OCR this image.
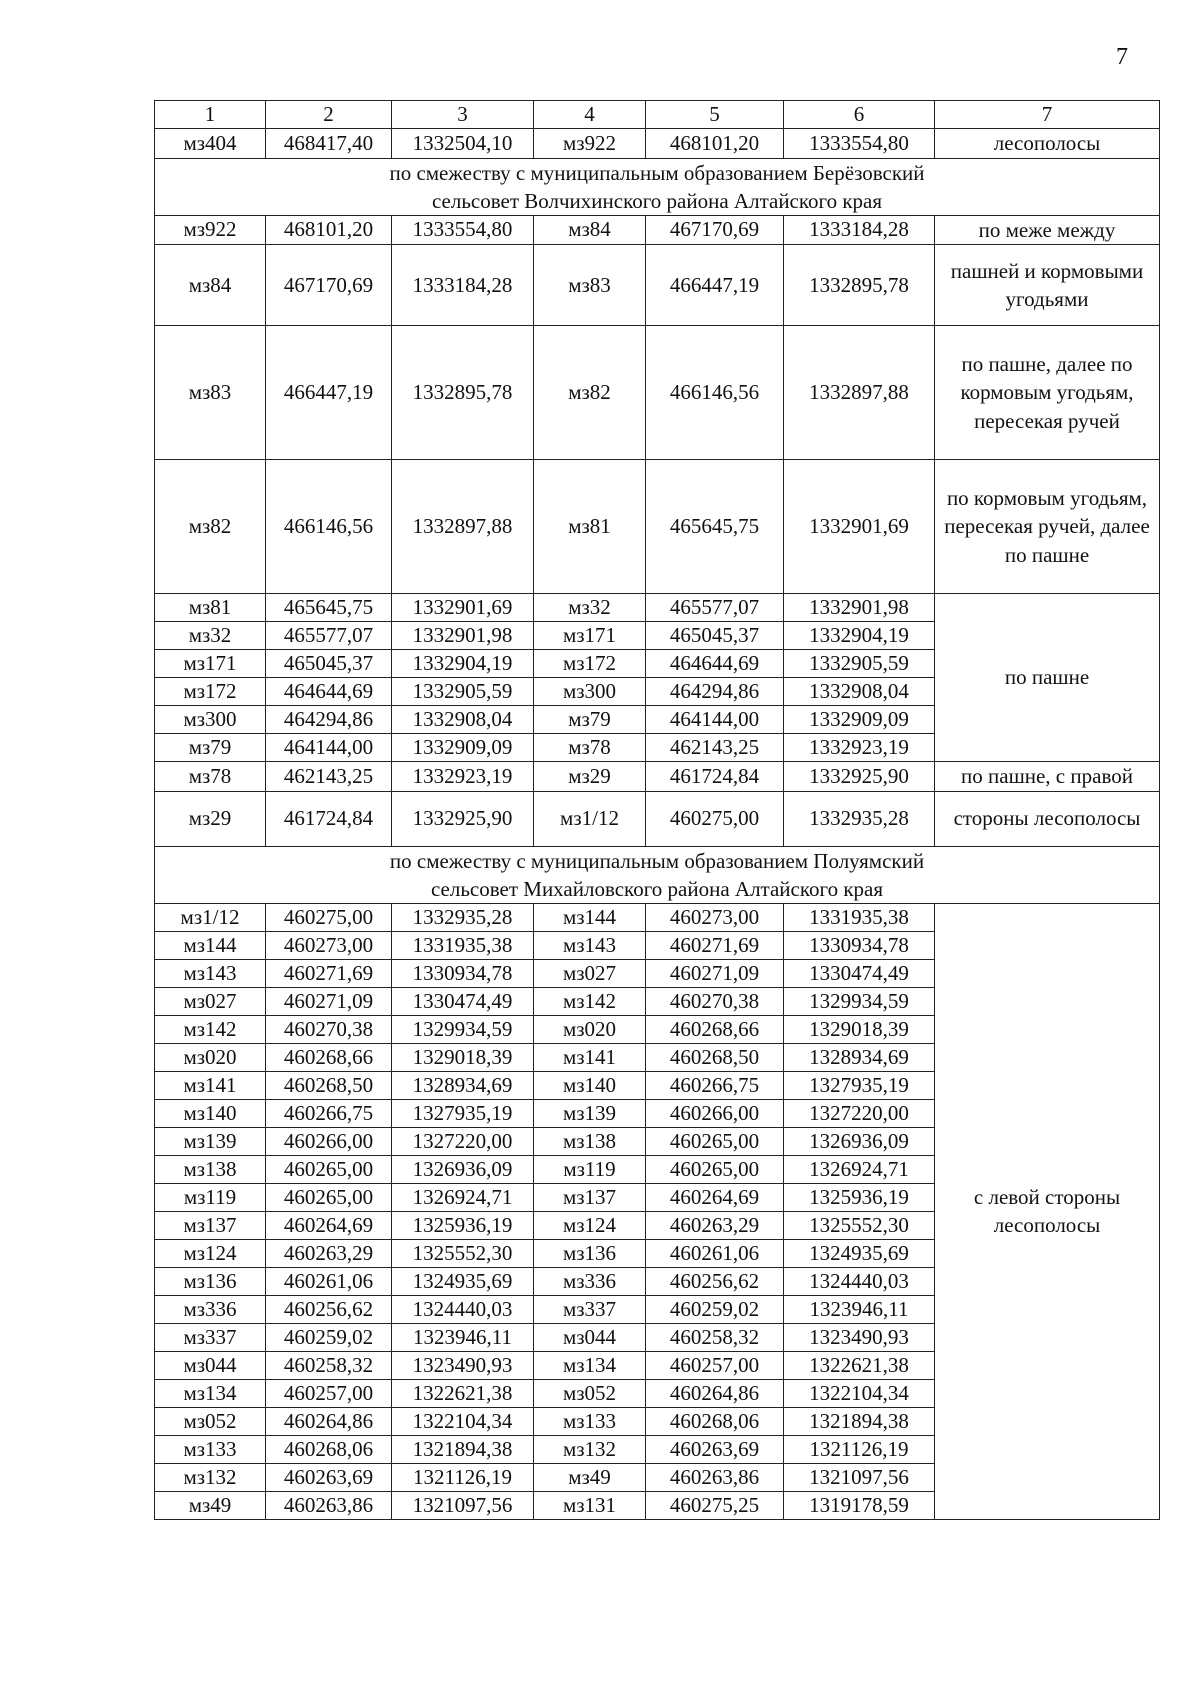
7
1	2	3	4	5	6	7
мз404	468417,40	1332504,10	мз922	468101,20	1333554,80	лесополосы
по смежеству с муниципальным образованием Берёзовский сельсовет Волчихинского района Алтайского края						
мз922	468101,20	1333554,80	мз84	467170,69	1333184,28	по меже между
мз84	467170,69	1333184,28	мз83	466447,19	1332895,78	пашней и кормовыми угодьями
мз83	466447,19	1332895,78	мз82	466146,56	1332897,88	по пашне, далее по кормовым угодьям, пересекая ручей
мз82	466146,56	1332897,88	мз81	465645,75	1332901,69	по кормовым угодьям, пересекая ручей, далее по пашне
мз81	465645,75	1332901,69	мз32	465577,07	1332901,98	по пашне
мз32	465577,07	1332901,98	мз171	465045,37	1332904,19	
мз171	465045,37	1332904,19	мз172	464644,69	1332905,59	
мз172	464644,69	1332905,59	мз300	464294,86	1332908,04	
мз300	464294,86	1332908,04	мз79	464144,00	1332909,09	
мз79	464144,00	1332909,09	мз78	462143,25	1332923,19	
мз78	462143,25	1332923,19	мз29	461724,84	1332925,90	по пашне, с правой
мз29	461724,84	1332925,90	мз1/12	460275,00	1332935,28	стороны лесополосы
по смежеству с муниципальным образованием Полуямский сельсовет Михайловского района Алтайского края						
мз1/12	460275,00	1332935,28	мз144	460273,00	1331935,38	с левой стороны лесополосы
мз144	460273,00	1331935,38	мз143	460271,69	1330934,78	
мз143	460271,69	1330934,78	мз027	460271,09	1330474,49	
мз027	460271,09	1330474,49	мз142	460270,38	1329934,59	
мз142	460270,38	1329934,59	мз020	460268,66	1329018,39	
мз020	460268,66	1329018,39	мз141	460268,50	1328934,69	
мз141	460268,50	1328934,69	мз140	460266,75	1327935,19	
мз140	460266,75	1327935,19	мз139	460266,00	1327220,00	
мз139	460266,00	1327220,00	мз138	460265,00	1326936,09	
мз138	460265,00	1326936,09	мз119	460265,00	1326924,71	
мз119	460265,00	1326924,71	мз137	460264,69	1325936,19	
мз137	460264,69	1325936,19	мз124	460263,29	1325552,30	
мз124	460263,29	1325552,30	мз136	460261,06	1324935,69	
мз136	460261,06	1324935,69	мз336	460256,62	1324440,03	
мз336	460256,62	1324440,03	мз337	460259,02	1323946,11	
мз337	460259,02	1323946,11	мз044	460258,32	1323490,93	
мз044	460258,32	1323490,93	мз134	460257,00	1322621,38	
мз134	460257,00	1322621,38	мз052	460264,86	1322104,34	
мз052	460264,86	1322104,34	мз133	460268,06	1321894,38	
мз133	460268,06	1321894,38	мз132	460263,69	1321126,19	
мз132	460263,69	1321126,19	мз49	460263,86	1321097,56	
мз49	460263,86	1321097,56	мз131	460275,25	1319178,59	
